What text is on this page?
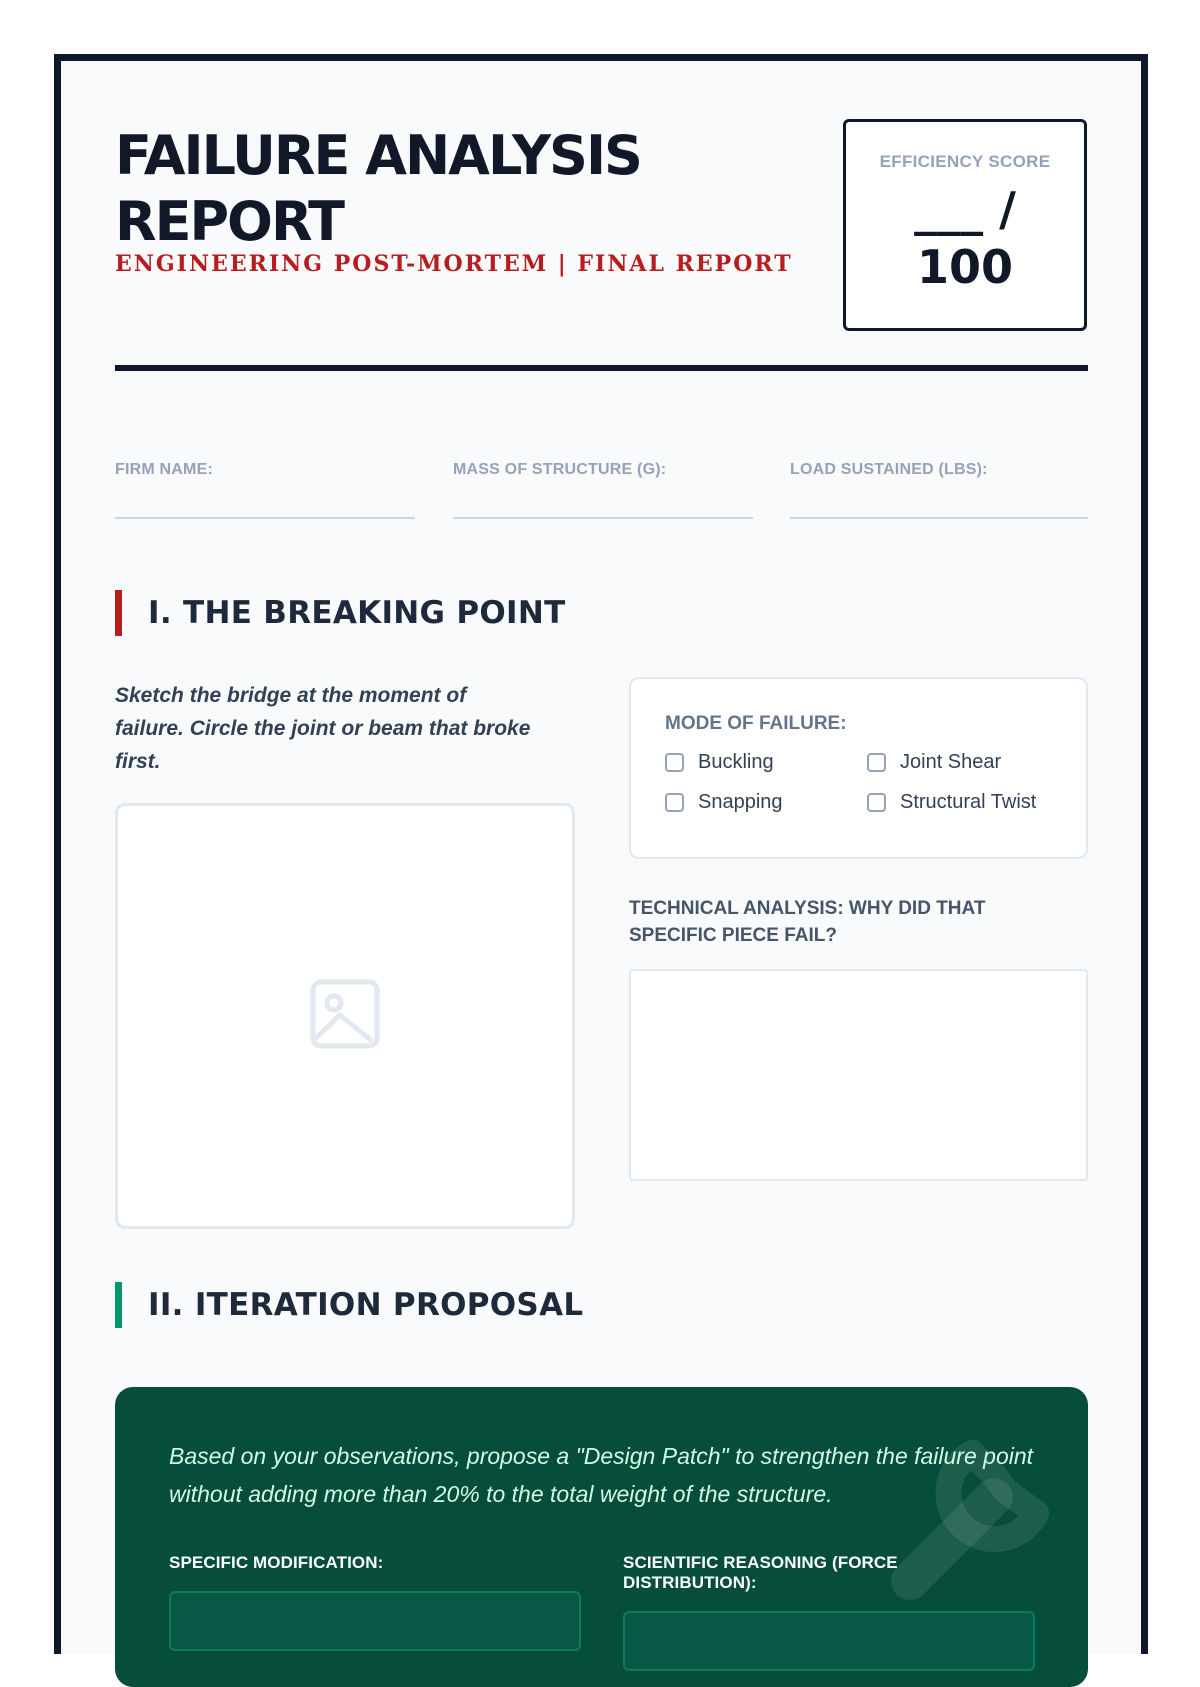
FAILURE ANALYSIS
REPORT
ENGINEERING POST-MORTEM | FINAL REPORT
EFFICIENCY SCORE
___ / 100
FIRM NAME:	MASS OF STRUCTURE (G):	LOAD SUSTAINED (LBS):
I. THE BREAKING POINT
Sketch the bridge at the moment of failure. Circle the joint or beam that broke first.
MODE OF FAILURE:
Buckling	Joint Shear
Snapping	Structural Twist
TECHNICAL ANALYSIS: WHY DID THAT SPECIFIC PIECE FAIL?
II. ITERATION PROPOSAL
Based on your observations, propose a "Design Patch" to strengthen the failure point without adding more than 20% to the total weight of the structure.
SPECIFIC MODIFICATION:	SCIENTIFIC REASONING (FORCE DISTRIBUTION):
